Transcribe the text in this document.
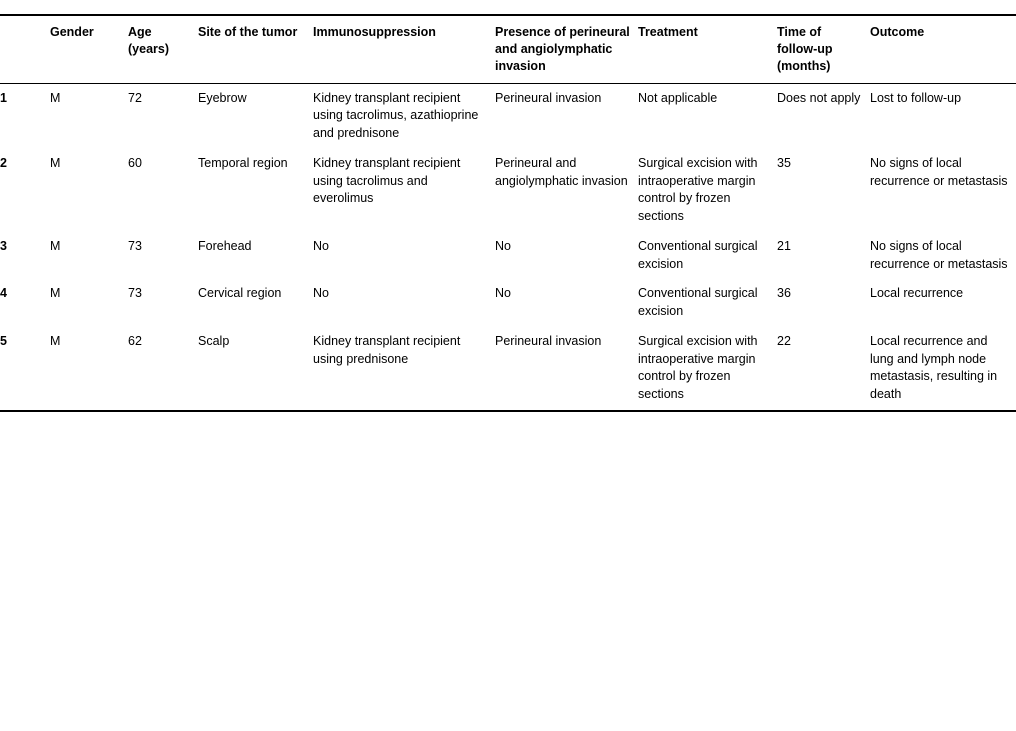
	Gender	Age (years)	Site of the tumor	Immunosuppression	Presence of perineural and angiolymphatic invasion	Treatment	Time of follow-up (months)	Outcome
1	M	72	Eyebrow	Kidney transplant recipient using tacrolimus, azathioprine and prednisone	Perineural invasion	Not applicable	Does not apply	Lost to follow-up
2	M	60	Temporal region	Kidney transplant recipient using tacrolimus and everolimus	Perineural and angiolymphatic invasion	Surgical excision with intraoperative margin control by frozen sections	35	No signs of local recurrence or metastasis
3	M	73	Forehead	No	No	Conventional surgical excision	21	No signs of local recurrence or metastasis
4	M	73	Cervical region	No	No	Conventional surgical excision	36	Local recurrence
5	M	62	Scalp	Kidney transplant recipient using prednisone	Perineural invasion	Surgical excision with intraoperative margin control by frozen sections	22	Local recurrence and lung and lymph node metastasis, resulting in death
